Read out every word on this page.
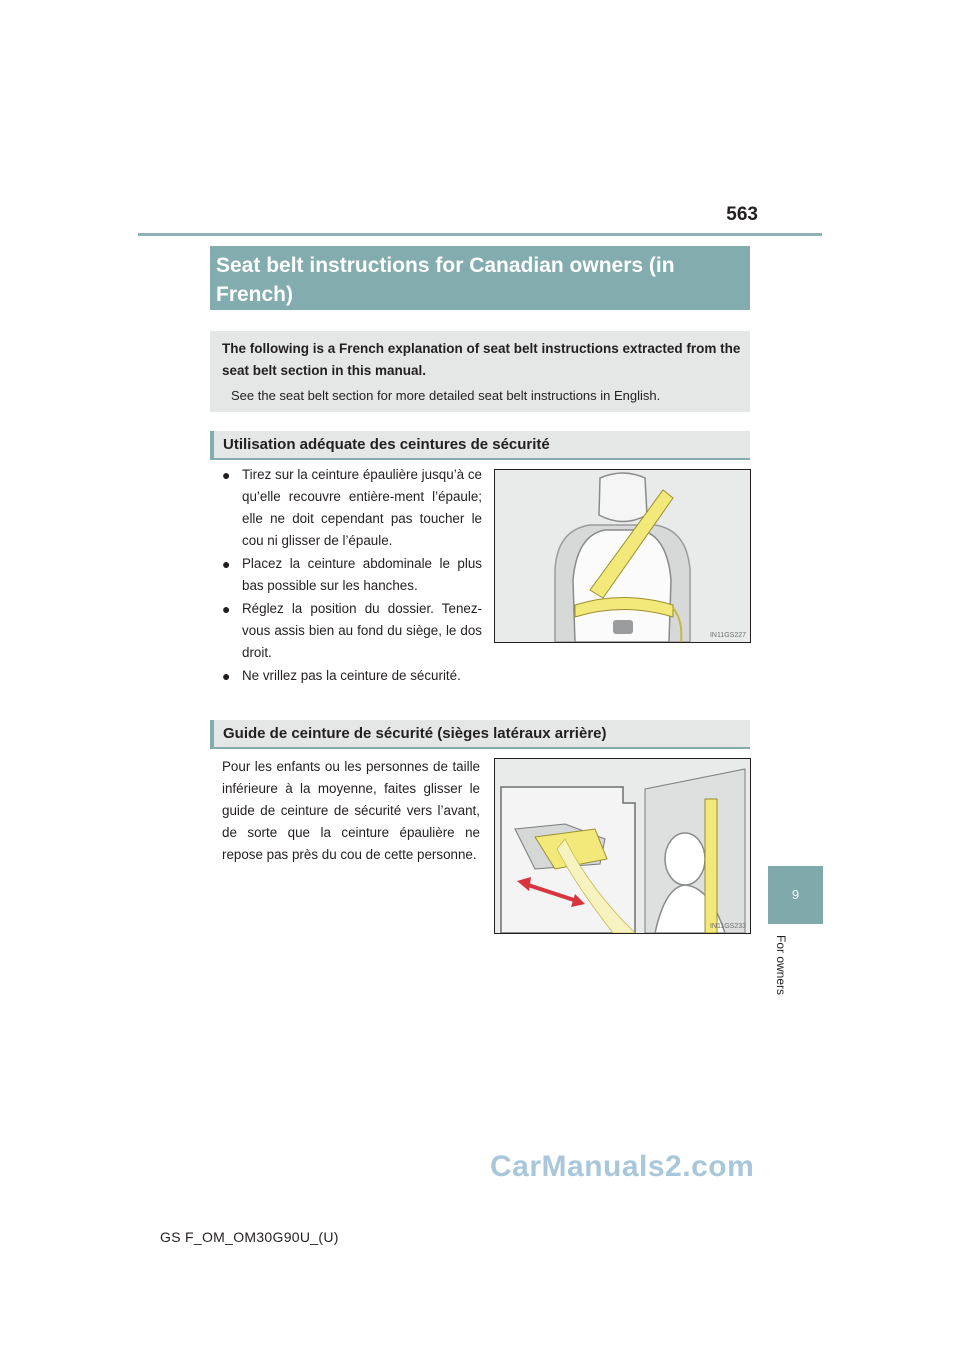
563
9
For owners
Seat belt instructions for Canadian owners (in French)

The following is a French explanation of seat belt instructions extracted from the seat belt section in this manual.

See the seat belt section for more detailed seat belt instructions in English.

Utilisation adéquate des ceintures de sécurité
● Tirez sur la ceinture épaulière jusqu’à ce qu’elle recouvre entière-ment l’épaule; elle ne doit cependant pas toucher le cou ni glisser de l’épaule.
● Placez la ceinture abdominale le plus bas possible sur les hanches.
● Réglez la position du dossier. Tenez-vous assis bien au fond du siège, le dos droit.
● Ne vrillez pas la ceinture de sécurité.
IN11GS227
Guide de ceinture de sécurité (sièges latéraux arrière)

Pour les enfants ou les personnes de taille inférieure à la moyenne, faites glisser le guide de ceinture de sécurité vers l’avant, de sorte que la ceinture épaulière ne repose pas près du cou de cette personne.

IN11GS233
GS F_OM_OM30G90U_(U)
CarManuals2.com
